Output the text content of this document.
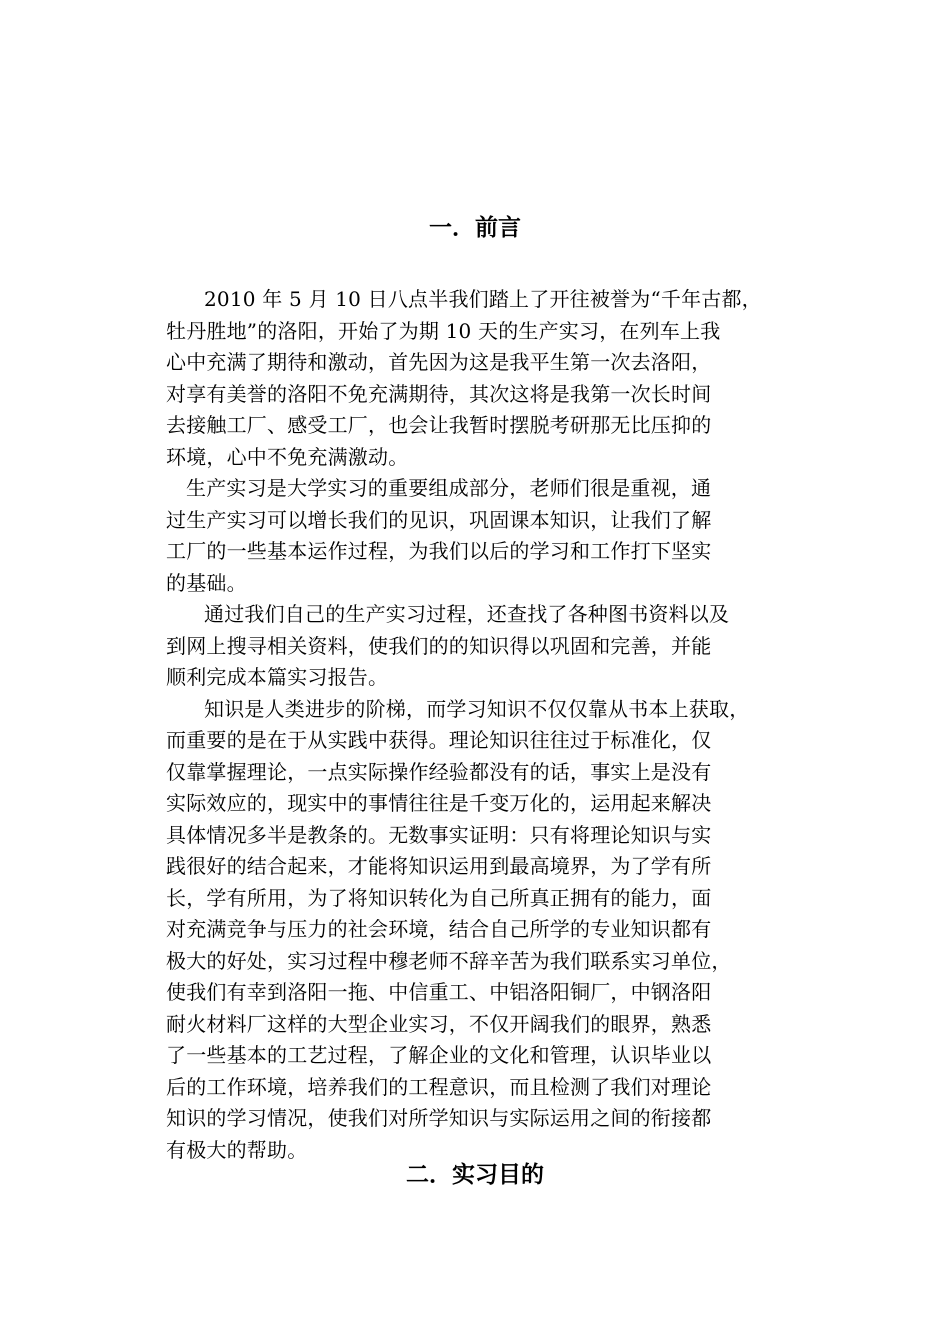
一．前言
2010 年 5 月 10 日八点半我们踏上了开往被誉为“千年古都，
牡丹胜地”的洛阳，开始了为期 10 天的生产实习，在列车上我
心中充满了期待和激动，首先因为这是我平生第一次去洛阳，
对享有美誉的洛阳不免充满期待，其次这将是我第一次长时间
去接触工厂、感受工厂，也会让我暂时摆脱考研那无比压抑的
环境，心中不免充满激动。
生产实习是大学实习的重要组成部分，老师们很是重视，通
过生产实习可以增长我们的见识，巩固课本知识，让我们了解
工厂的一些基本运作过程，为我们以后的学习和工作打下坚实
的基础。
通过我们自己的生产实习过程，还查找了各种图书资料以及
到网上搜寻相关资料，使我们的的知识得以巩固和完善，并能
顺利完成本篇实习报告。
知识是人类进步的阶梯，而学习知识不仅仅靠从书本上获取，
而重要的是在于从实践中获得。理论知识往往过于标准化，仅
仅靠掌握理论，一点实际操作经验都没有的话，事实上是没有
实际效应的，现实中的事情往往是千变万化的，运用起来解决
具体情况多半是教条的。无数事实证明：只有将理论知识与实
践很好的结合起来，才能将知识运用到最高境界，为了学有所
长，学有所用，为了将知识转化为自己所真正拥有的能力，面
对充满竞争与压力的社会环境，结合自己所学的专业知识都有
极大的好处，实习过程中穆老师不辞辛苦为我们联系实习单位，
使我们有幸到洛阳一拖、中信重工、中铝洛阳铜厂，中钢洛阳
耐火材料厂这样的大型企业实习，不仅开阔我们的眼界，熟悉
了一些基本的工艺过程，了解企业的文化和管理，认识毕业以
后的工作环境，培养我们的工程意识，而且检测了我们对理论
知识的学习情况，使我们对所学知识与实际运用之间的衔接都
有极大的帮助。
二．实习目的
